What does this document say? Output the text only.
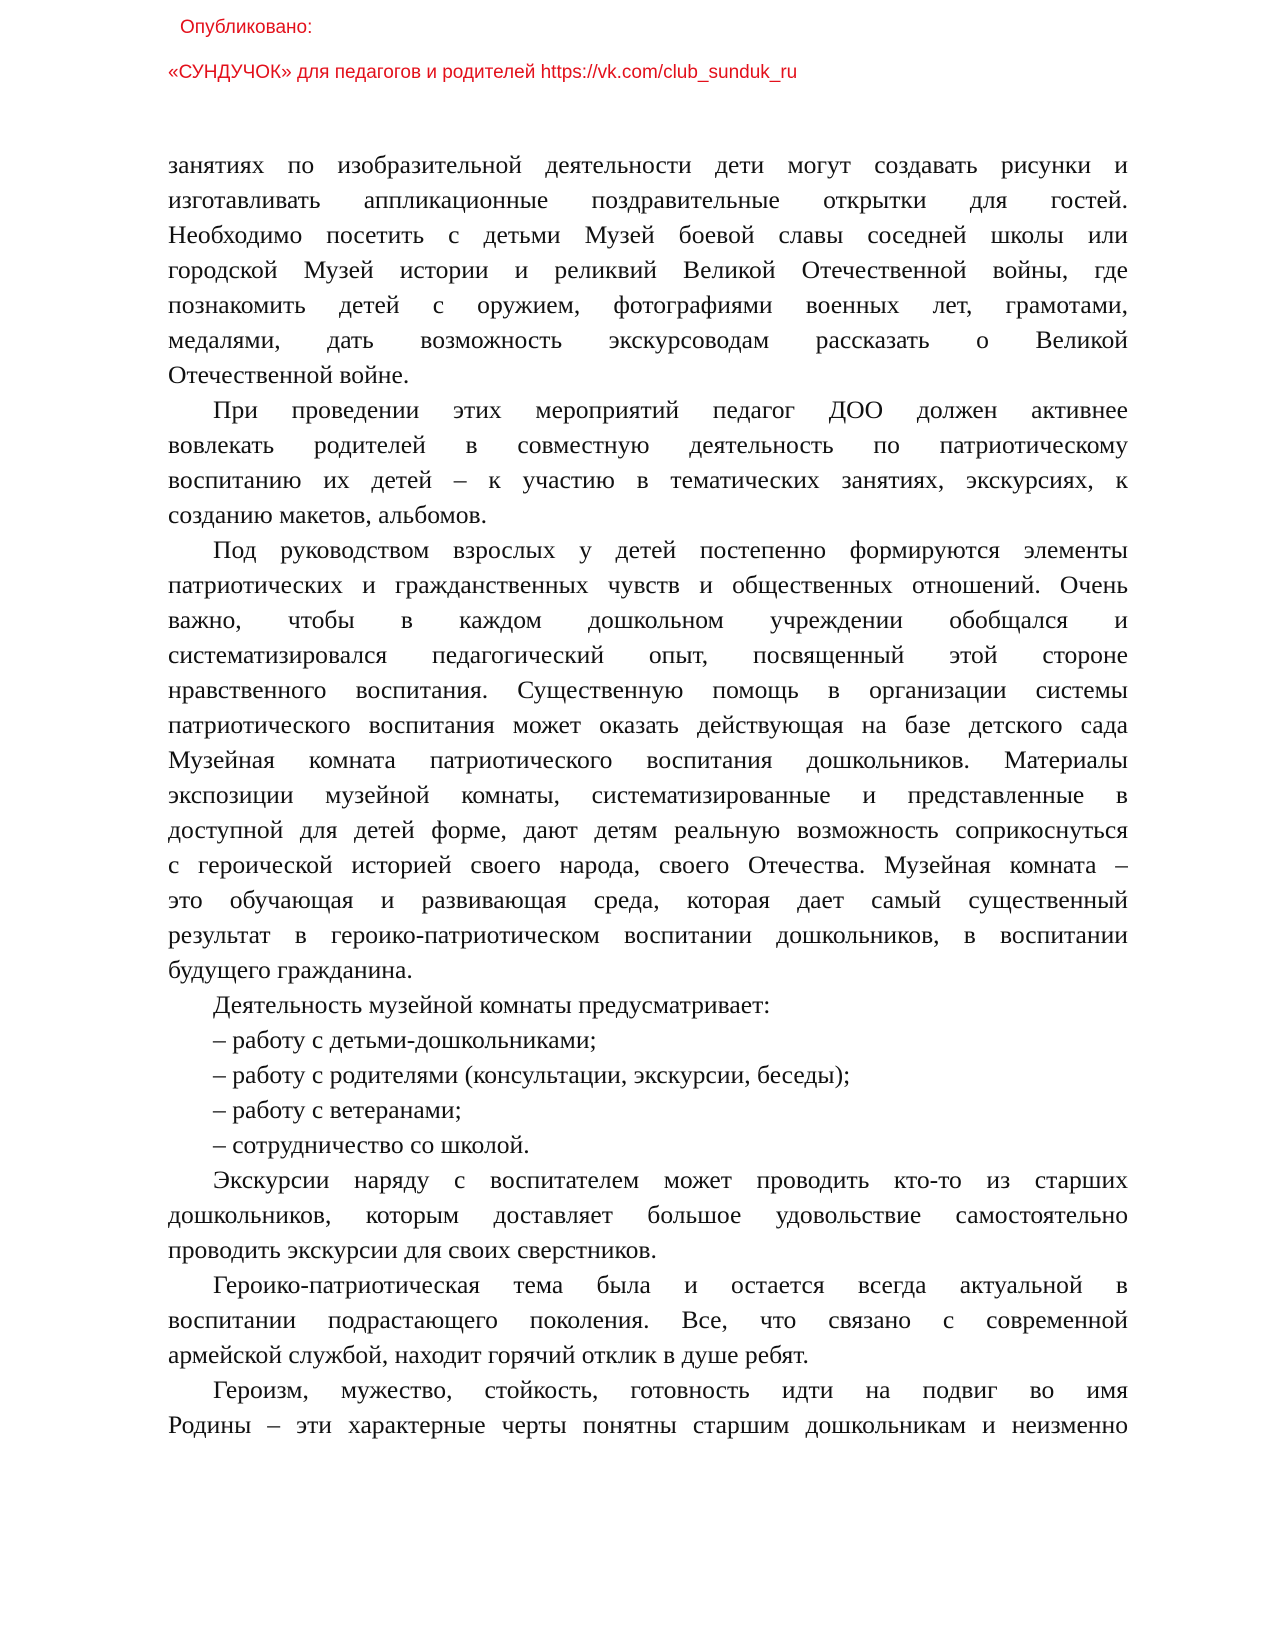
Опубликовано:
«СУНДУЧОК» для педагогов и родителей https://vk.com/club_sunduk_ru
занятиях по изобразительной деятельности дети могут создавать рисунки и
изготавливать аппликационные поздравительные открытки для гостей.
Необходимо посетить с детьми Музей боевой славы соседней школы или
городской Музей истории и реликвий Великой Отечественной войны, где
познакомить детей с оружием, фотографиями военных лет, грамотами,
медалями, дать возможность экскурсоводам рассказать о Великой
Отечественной войне.
При проведении этих мероприятий педагог ДОО должен активнее
вовлекать родителей в совместную деятельность по патриотическому
воспитанию их детей – к участию в тематических занятиях, экскурсиях, к
созданию макетов, альбомов.
Под руководством взрослых у детей постепенно формируются элементы
патриотических и гражданственных чувств и общественных отношений. Очень
важно, чтобы в каждом дошкольном учреждении обобщался и
систематизировался педагогический опыт, посвященный этой стороне
нравственного воспитания. Существенную помощь в организации системы
патриотического воспитания может оказать действующая на базе детского сада
Музейная комната патриотического воспитания дошкольников. Материалы
экспозиции музейной комнаты, систематизированные и представленные в
доступной для детей форме, дают детям реальную возможность соприкоснуться
с героической историей своего народа, своего Отечества. Музейная комната –
это обучающая и развивающая среда, которая дает самый существенный
результат в героико-патриотическом воспитании дошкольников, в воспитании
будущего гражданина.
Деятельность музейной комнаты предусматривает:
– работу с детьми-дошкольниками;
– работу с родителями (консультации, экскурсии, беседы);
– работу с ветеранами;
– сотрудничество со школой.
Экскурсии наряду с воспитателем может проводить кто-то из старших
дошкольников, которым доставляет большое удовольствие самостоятельно
проводить экскурсии для своих сверстников.
Героико-патриотическая тема была и остается всегда актуальной в
воспитании подрастающего поколения. Все, что связано с современной
армейской службой, находит горячий отклик в душе ребят.
Героизм, мужество, стойкость, готовность идти на подвиг во имя
Родины – эти характерные черты понятны старшим дошкольникам и неизменно
